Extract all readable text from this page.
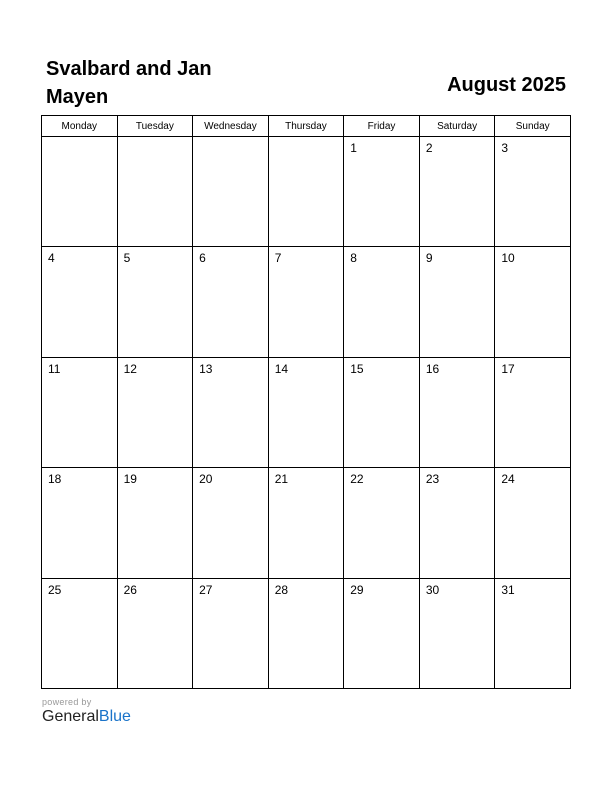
Svalbard and Jan Mayen
August 2025
Monday	Tuesday	Wednesday	Thursday	Friday	Saturday	Sunday

				1	2	3

4	5	6	7	8	9	10

11	12	13	14	15	16	17

18	19	20	21	22	23	24

25	26	27	28	29	30	31
powered by
GeneralBlue
